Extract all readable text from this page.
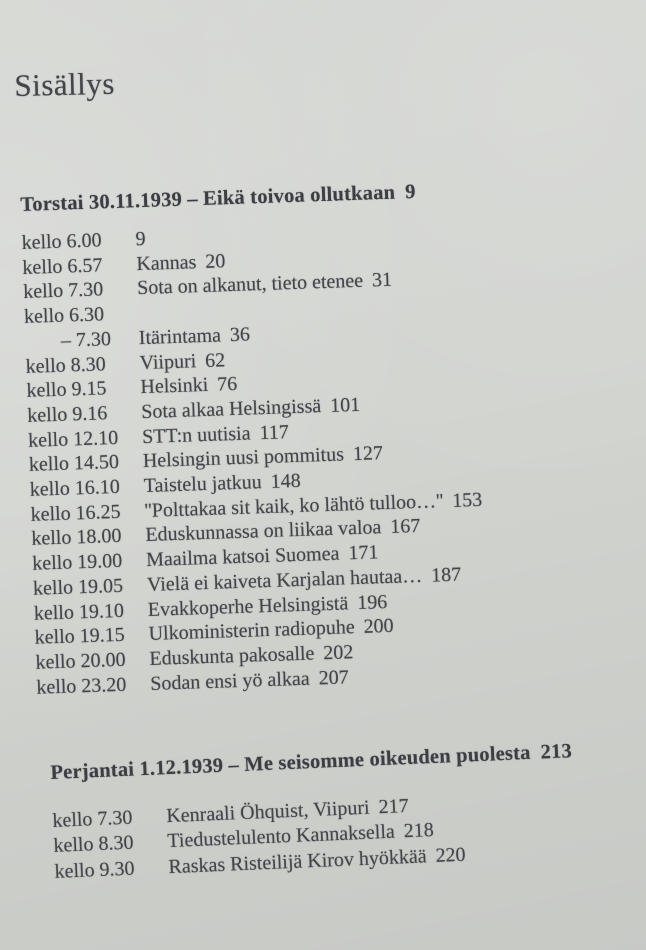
Sisällys
Torstai 30.11.1939 – Eikä toivoa ollutkaan 9
kello 6.00	9
kello 6.57	Kannas 20
kello 7.30	Sota on alkanut, tieto etenee 31
kello 6.30
– 7.30	Itärintama 36
kello 8.30	Viipuri 62
kello 9.15	Helsinki 76
kello 9.16	Sota alkaa Helsingissä 101
kello 12.10	STT:n uutisia 117
kello 14.50	Helsingin uusi pommitus 127
kello 16.10	Taistelu jatkuu 148
kello 16.25	''Polttakaa sit kaik, ko lähtö tulloo…'' 153
kello 18.00	Eduskunnassa on liikaa valoa 167
kello 19.00	Maailma katsoi Suomea 171
kello 19.05	Vielä ei kaiveta Karjalan hautaa… 187
kello 19.10	Evakkoperhe Helsingistä 196
kello 19.15	Ulkoministerin radiopuhe 200
kello 20.00	Eduskunta pakosalle 202
kello 23.20	Sodan ensi yö alkaa 207
Perjantai 1.12.1939 – Me seisomme oikeuden puolesta 213
kello 7.30	Kenraali Öhquist, Viipuri 217
kello 8.30	Tiedustelulento Kannaksella 218
kello 9.30	Raskas Risteilijä Kirov hyökkää 220
